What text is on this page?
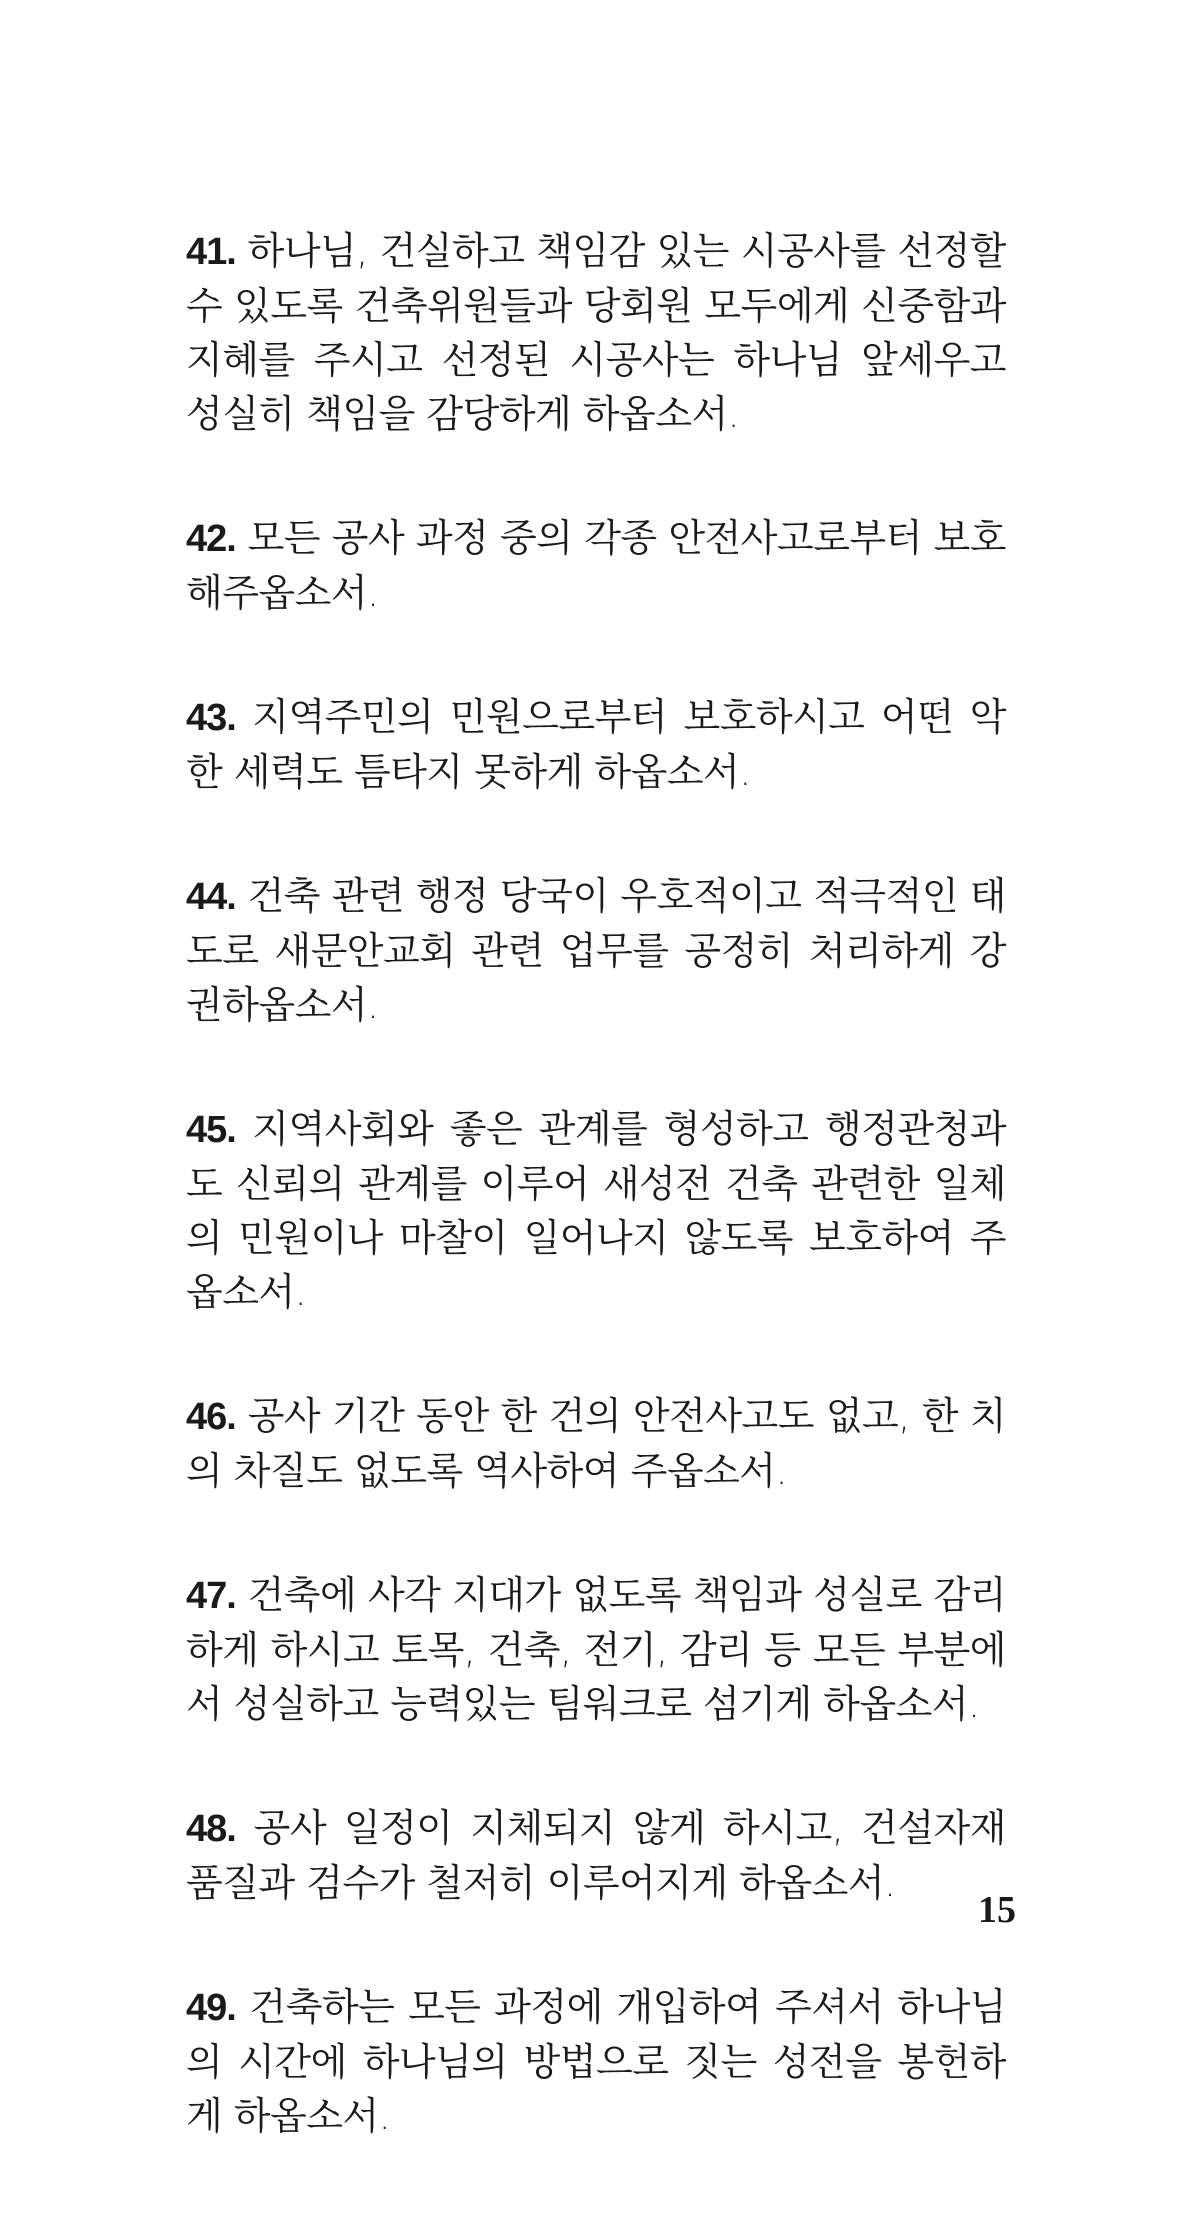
41. 하나님, 건실하고 책임감 있는 시공사를 선정할 수 있도록 건축위원들과 당회원 모두에게 신중함과 지혜를 주시고 선정된 시공사는 하나님 앞세우고 성실히 책임을 감당하게 하옵소서.
42. 모든 공사 과정 중의 각종 안전사고로부터 보호해주옵소서.
43. 지역주민의 민원으로부터 보호하시고 어떤 악한 세력도 틈타지 못하게 하옵소서.
44. 건축 관련 행정 당국이 우호적이고 적극적인 태도로 새문안교회 관련 업무를 공정히 처리하게 강권하옵소서.
45. 지역사회와 좋은 관계를 형성하고 행정관청과도 신뢰의 관계를 이루어 새성전 건축 관련한 일체의 민원이나 마찰이 일어나지 않도록 보호하여 주옵소서.
46. 공사 기간 동안 한 건의 안전사고도 없고, 한 치의 차질도 없도록 역사하여 주옵소서.
47. 건축에 사각 지대가 없도록 책임과 성실로 감리하게 하시고 토목, 건축, 전기, 감리 등 모든 부분에서 성실하고 능력있는 팀워크로 섬기게 하옵소서.
48. 공사 일정이 지체되지 않게 하시고, 건설자재 품질과 검수가 철저히 이루어지게 하옵소서.
49. 건축하는 모든 과정에 개입하여 주셔서 하나님의 시간에 하나님의 방법으로 짓는 성전을 봉헌하게 하옵소서.
15
